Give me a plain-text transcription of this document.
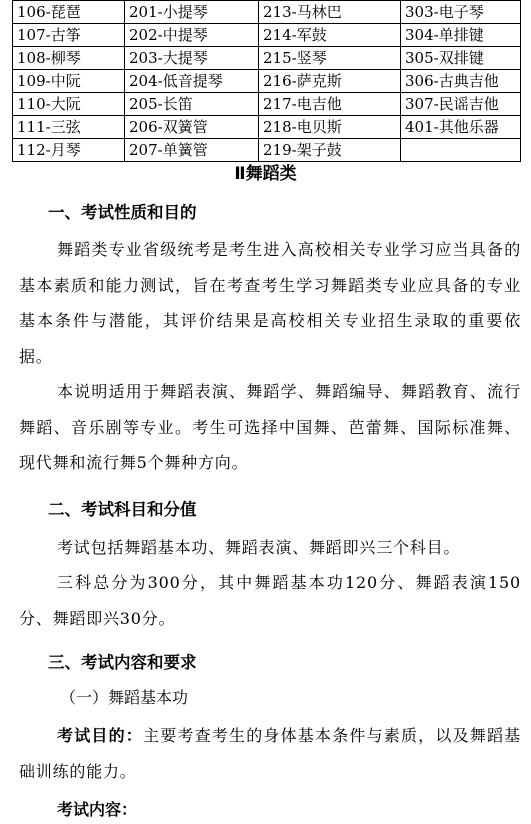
106-琵琶	201-小提琴	213-马林巴	303-电子琴
107-古筝	202-中提琴	214-军鼓	304-单排键
108-柳琴	203-大提琴	215-竖琴	305-双排键
109-中阮	204-低音提琴	216-萨克斯	306-古典吉他
110-大阮	205-长笛	217-电吉他	307-民谣吉他
111-三弦	206-双簧管	218-电贝斯	401-其他乐器
112-月琴	207-单簧管	219-架子鼓	
Ⅱ舞蹈类
一、考试性质和目的
舞蹈类专业省级统考是考生进入高校相关专业学习应当具备的基本素质和能力测试，旨在考查考生学习舞蹈类专业应具备的专业基本条件与潜能，其评价结果是高校相关专业招生录取的重要依据。
本说明适用于舞蹈表演、舞蹈学、舞蹈编导、舞蹈教育、流行舞蹈、音乐剧等专业。考生可选择中国舞、芭蕾舞、国际标准舞、现代舞和流行舞5个舞种方向。
二、考试科目和分值
考试包括舞蹈基本功、舞蹈表演、舞蹈即兴三个科目。
三科总分为300分，其中舞蹈基本功120分、舞蹈表演150分、舞蹈即兴30分。
三、考试内容和要求
（一）舞蹈基本功
考试目的：主要考查考生的身体基本条件与素质，以及舞蹈基础训练的能力。
考试内容：
